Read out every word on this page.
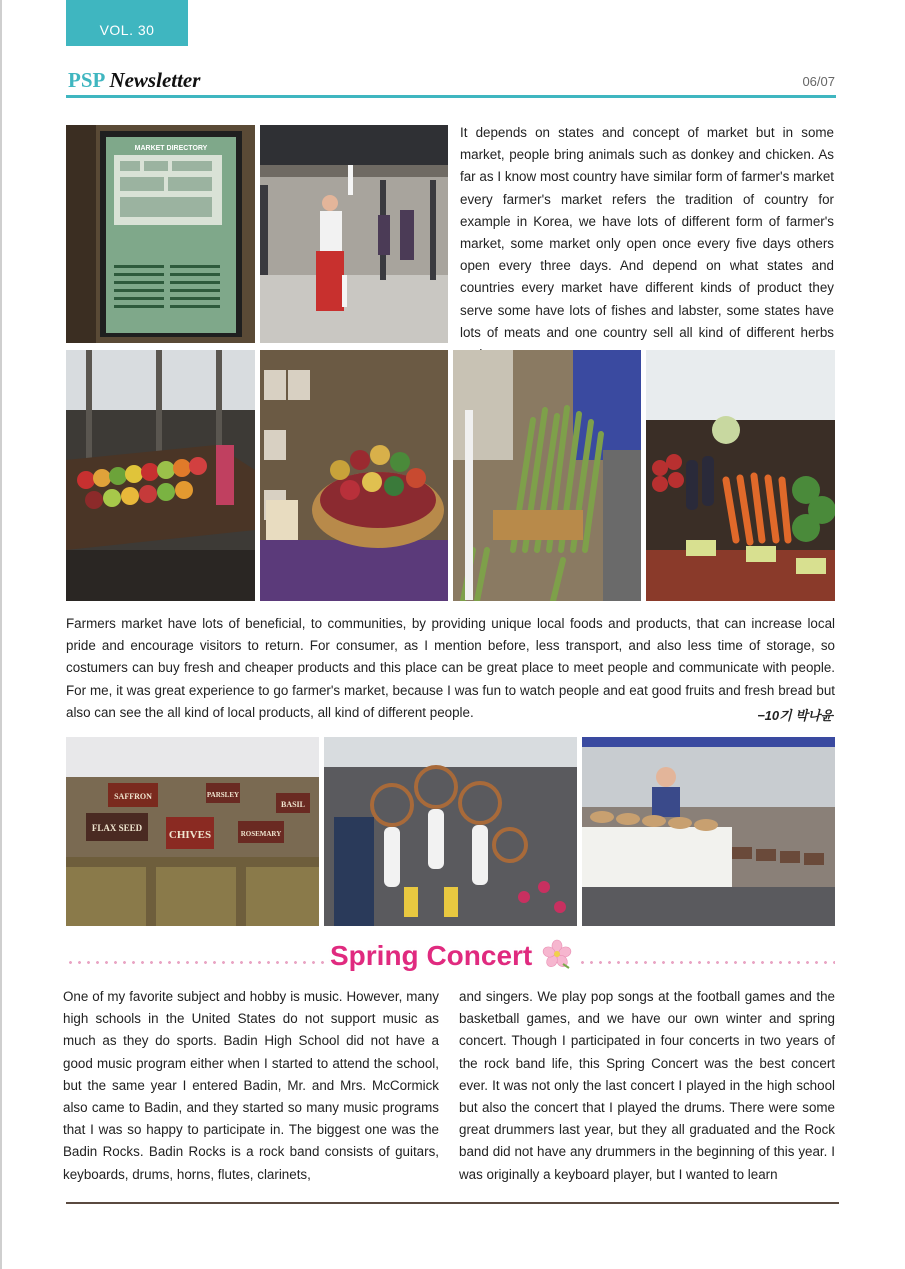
VOL. 30
PSP Newsletter	06/07
MARKET DIRECTORY
It depends on states and concept of market but in some market, people bring animals such as donkey and chicken. As far as I know most country have similar form of farmer's market every farmer's market refers the tradition of country for example in Korea, we have lots of different form of farmer's market, some market only open once every five days others open every three days. And depend on what states and countries every market have different kinds of product they serve some have lots of fishes and labster, some states have lots of meats and one country sell all kind of different herbs
Farmers market have lots of beneficial, to communities, by providing unique local foods and products, that can increase local pride and encourage visitors to return. For consumer, as I mention before, less transport, and also less time of storage, so costumers can buy fresh and cheaper products and this place can be great place to meet people and communicate with people. For me, it was great experience to go farmer's market, because I was fun to watch people and eat good fruits and fresh bread but also can see the all kind of local products, all kind of different people.	−10기 박나윤
SAFFRON
FLAX SEED
CHIVES
PARSLEY
BASIL
ROSEMARY
Spring Concert
One of my favorite subject and hobby is music. However, many high schools in the United States do not support music as much as they do sports. Badin High School did not have a good music program either when I started to attend the school, but the same year I entered Badin, Mr. and Mrs. McCormick also came to Badin, and they started so many music programs that I was so happy to participate in. The biggest one was the Badin Rocks. Badin Rocks is a rock band consists of guitars, keyboards, drums, horns, flutes, clarinets,
and singers. We play pop songs at the football games and the basketball games, and we have our own winter and spring concert. Though I participated in four concerts in two years of the rock band life, this Spring Concert was the best concert ever. It was not only the last concert I played in the high school but also the concert that I played the drums. There were some great drummers last year, but they all graduated and the Rock band did not have any drummers in the beginning of this year. I was originally a keyboard player, but I wanted to learn
